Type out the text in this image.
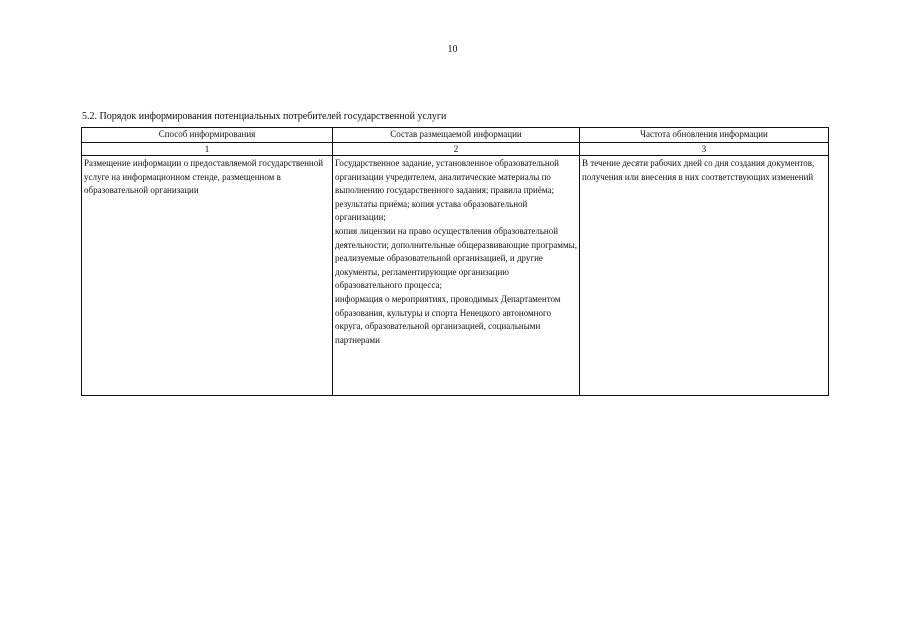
10
5.2. Порядок информирования потенциальных потребителей государственной услуги
Способ информирования	Состав размещаемой информации	Частота обновления информации
1	2	3
Размещение информации о предоставляемой государственной услуге на информационном стенде, размещенном в образовательной организации	Государственное задание, установленное образовательной организации учредителем, аналитические материалы по выполнению государственного задания; правила приёма;
результаты приёма; копия устава образовательной организации;
копия лицензии на право осуществления образовательной деятельности; дополнительные общеразвивающие программы, реализуемые образовательной организацией, и другие документы, регламентирующие организацию образовательного процесса;
информация о мероприятиях, проводимых Департаментом образования, культуры и спорта Ненецкого автономного округа, образовательной организацией, социальными партнерами	В течение десяти рабочих дней со дня создания документов, получения или внесения в них соответствующих изменений
